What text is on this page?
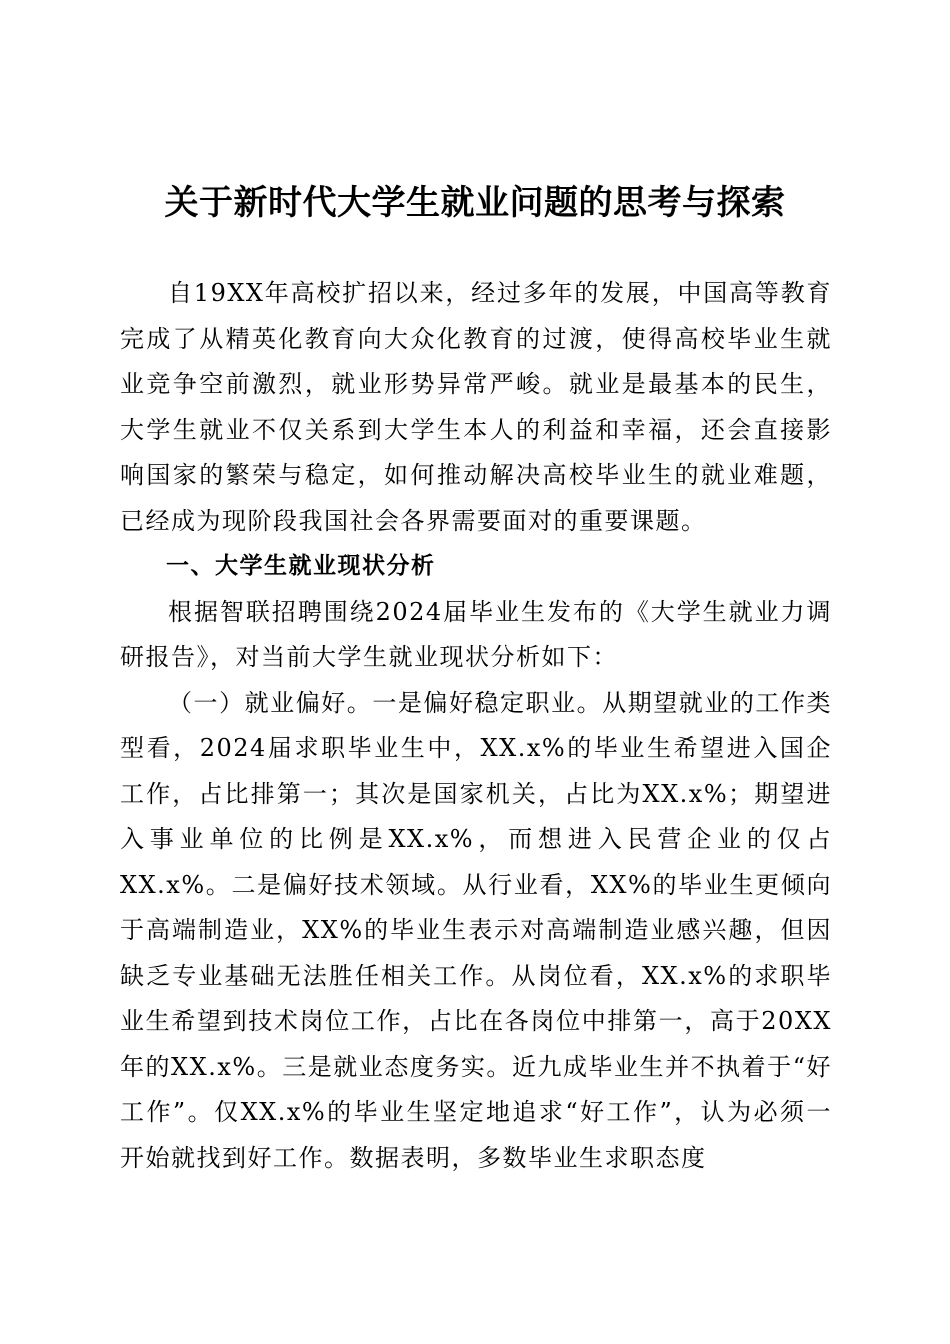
关于新时代大学生就业问题的思考与探索

自19XX年高校扩招以来，经过多年的发展，中国高等教育完成了从精英化教育向大众化教育的过渡，使得高校毕业生就业竞争空前激烈，就业形势异常严峻。就业是最基本的民生，大学生就业不仅关系到大学生本人的利益和幸福，还会直接影响国家的繁荣与稳定，如何推动解决高校毕业生的就业难题，已经成为现阶段我国社会各界需要面对的重要课题。

一、大学生就业现状分析

根据智联招聘围绕2024届毕业生发布的《大学生就业力调研报告》，对当前大学生就业现状分析如下：

（一）就业偏好。一是偏好稳定职业。从期望就业的工作类型看，2024届求职毕业生中，XX.x%的毕业生希望进入国企工作，占比排第一；其次是国家机关，占比为XX.x%；期望进入事业单位的比例是XX.x%，而想进入民营企业的仅占XX.x%。二是偏好技术领域。从行业看，XX%的毕业生更倾向于高端制造业，XX%的毕业生表示对高端制造业感兴趣，但因缺乏专业基础无法胜任相关工作。从岗位看，XX.x%的求职毕业生希望到技术岗位工作，占比在各岗位中排第一，高于20XX年的XX.x%。三是就业态度务实。近九成毕业生并不执着于“好工作”。仅XX.x%的毕业生坚定地追求“好工作”，认为必须一开始就找到好工作。数据表明，多数毕业生求职态度
